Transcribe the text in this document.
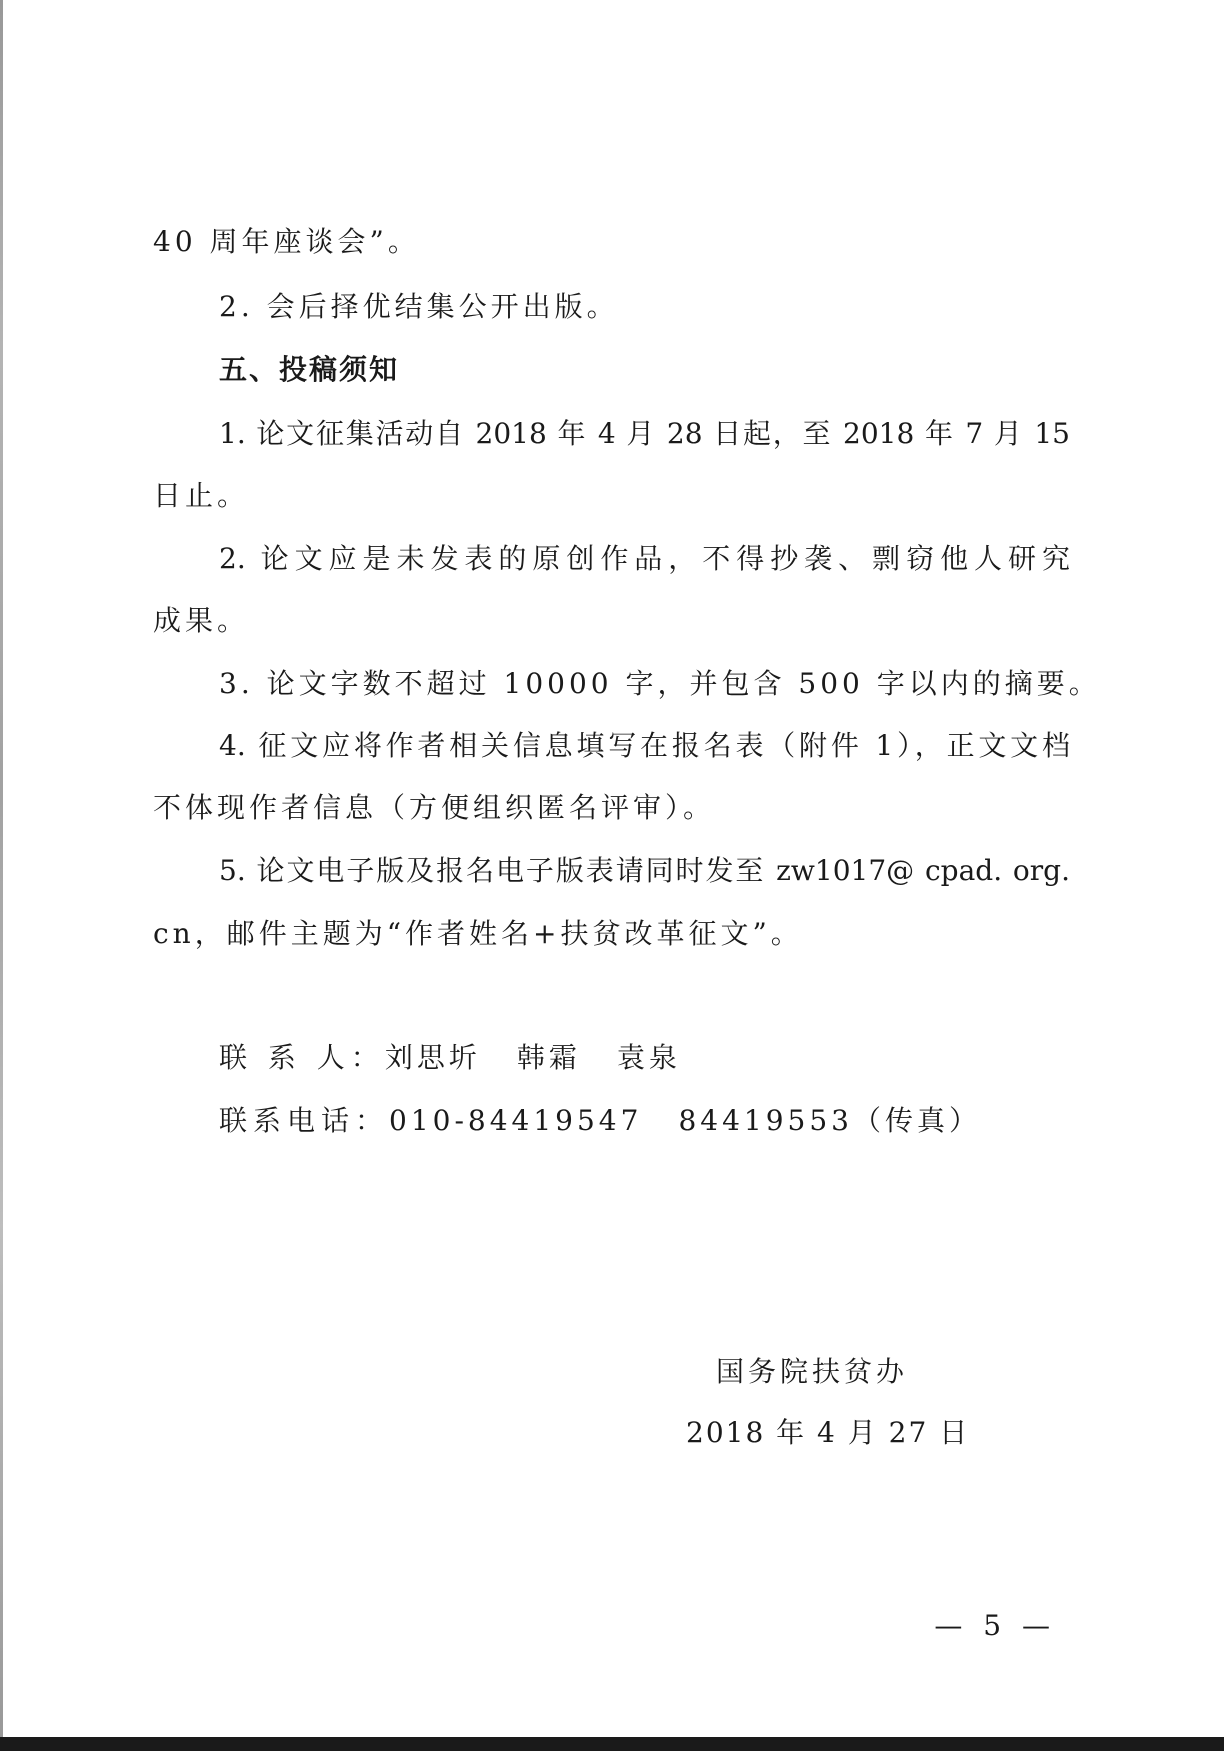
40 周年座谈会”。
2. 会后择优结集公开出版。
五、投稿须知
1. 论文征集活动自 2018 年 4 月 28 日起，至 2018 年 7 月 15
日止。
2. 论文应是未发表的原创作品，不得抄袭、剽窃他人研究
成果。
3. 论文字数不超过 10000 字，并包含 500 字以内的摘要。
4. 征文应将作者相关信息填写在报名表（附件 1），正文文档
不体现作者信息（方便组织匿名评审）。
5. 论文电子版及报名电子版表请同时发至 zw1017@ cpad. org.
cn，邮件主题为“作者姓名+扶贫改革征文”。
联 系 人：刘思圻 韩霜 袁泉
联系电话：010-84419547 84419553（传真）
国务院扶贫办
2018 年 4 月 27 日
— 5 —
